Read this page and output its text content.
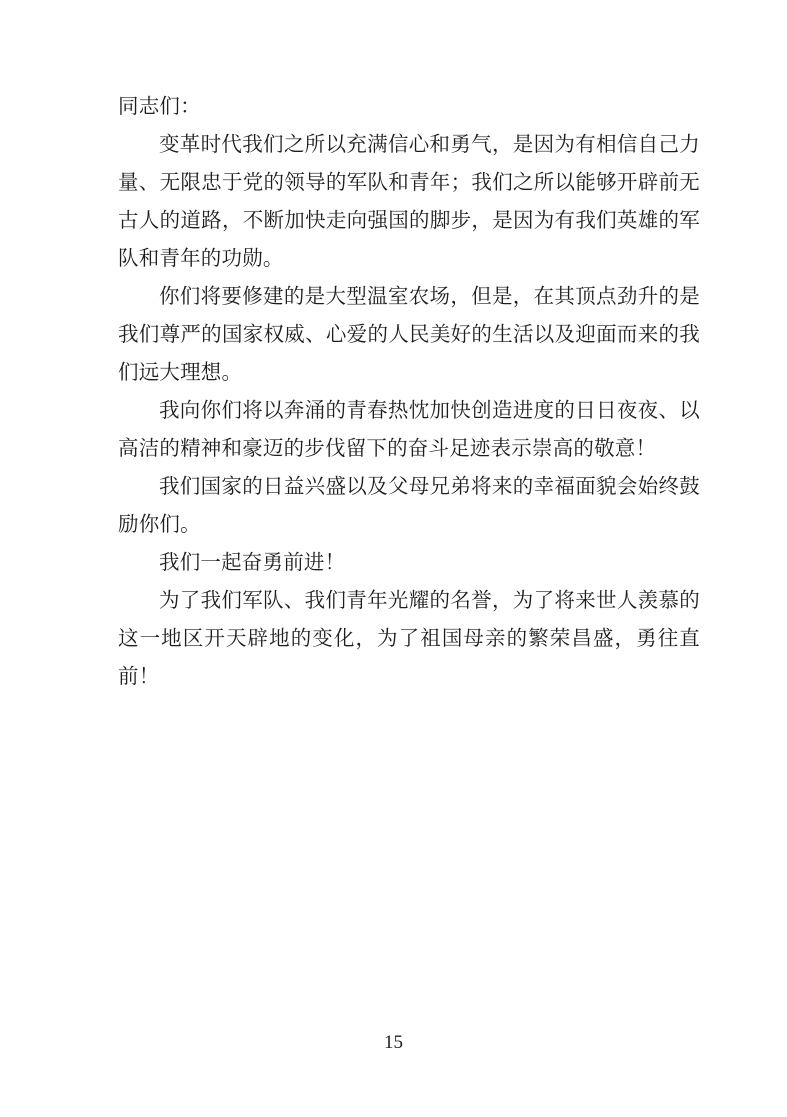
同志们：

变革时代我们之所以充满信心和勇气，是因为有相信自己力量、无限忠于党的领导的军队和青年；我们之所以能够开辟前无古人的道路，不断加快走向强国的脚步，是因为有我们英雄的军队和青年的功勋。

你们将要修建的是大型温室农场，但是，在其顶点劲升的是我们尊严的国家权威、心爱的人民美好的生活以及迎面而来的我们远大理想。

我向你们将以奔涌的青春热忱加快创造进度的日日夜夜、以高洁的精神和豪迈的步伐留下的奋斗足迹表示崇高的敬意！

我们国家的日益兴盛以及父母兄弟将来的幸福面貌会始终鼓励你们。

我们一起奋勇前进！

为了我们军队、我们青年光耀的名誉，为了将来世人羡慕的这一地区开天辟地的变化，为了祖国母亲的繁荣昌盛，勇往直前！

15
